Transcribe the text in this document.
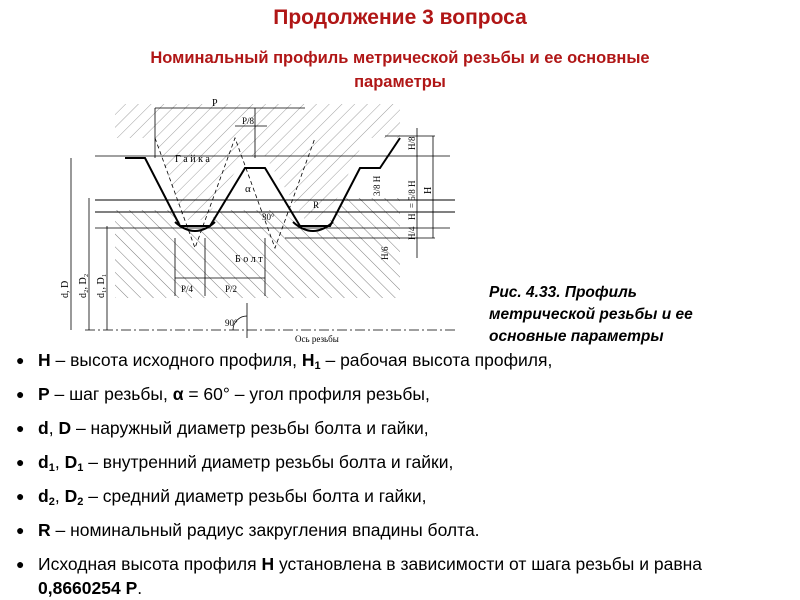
Продолжение 3 вопроса
Номинальный профиль метрической резьбы и ее основные
параметры
P
P/8
Г а й к а
α
30°
R
Б о л т
P/4	P/2
90°
Ось резьбы
d, D d₂, D₂ d₁, D₁
H/8
3/8 H	H₁ = 5/8 H H
H/4
H/6
Рис. 4.33. Профиль
метрической резьбы и ее
основные параметры
● H – высота исходного профиля, $H_1$ – рабочая высота профиля,
● P – шаг резьбы, α = 60° – угол профиля резьбы,
● d, D – наружный диаметр резьбы болта и гайки,
● $d_1$, $D_1$ – внутренний диаметр резьбы болта и гайки,
● $d_2$, $D_2$ – средний диаметр резьбы болта и гайки,
● R – номинальный радиус закругления впадины болта.
● Исходная высота профиля H установлена в зависимости от шага резьбы и равна 0,8660254 Р.
